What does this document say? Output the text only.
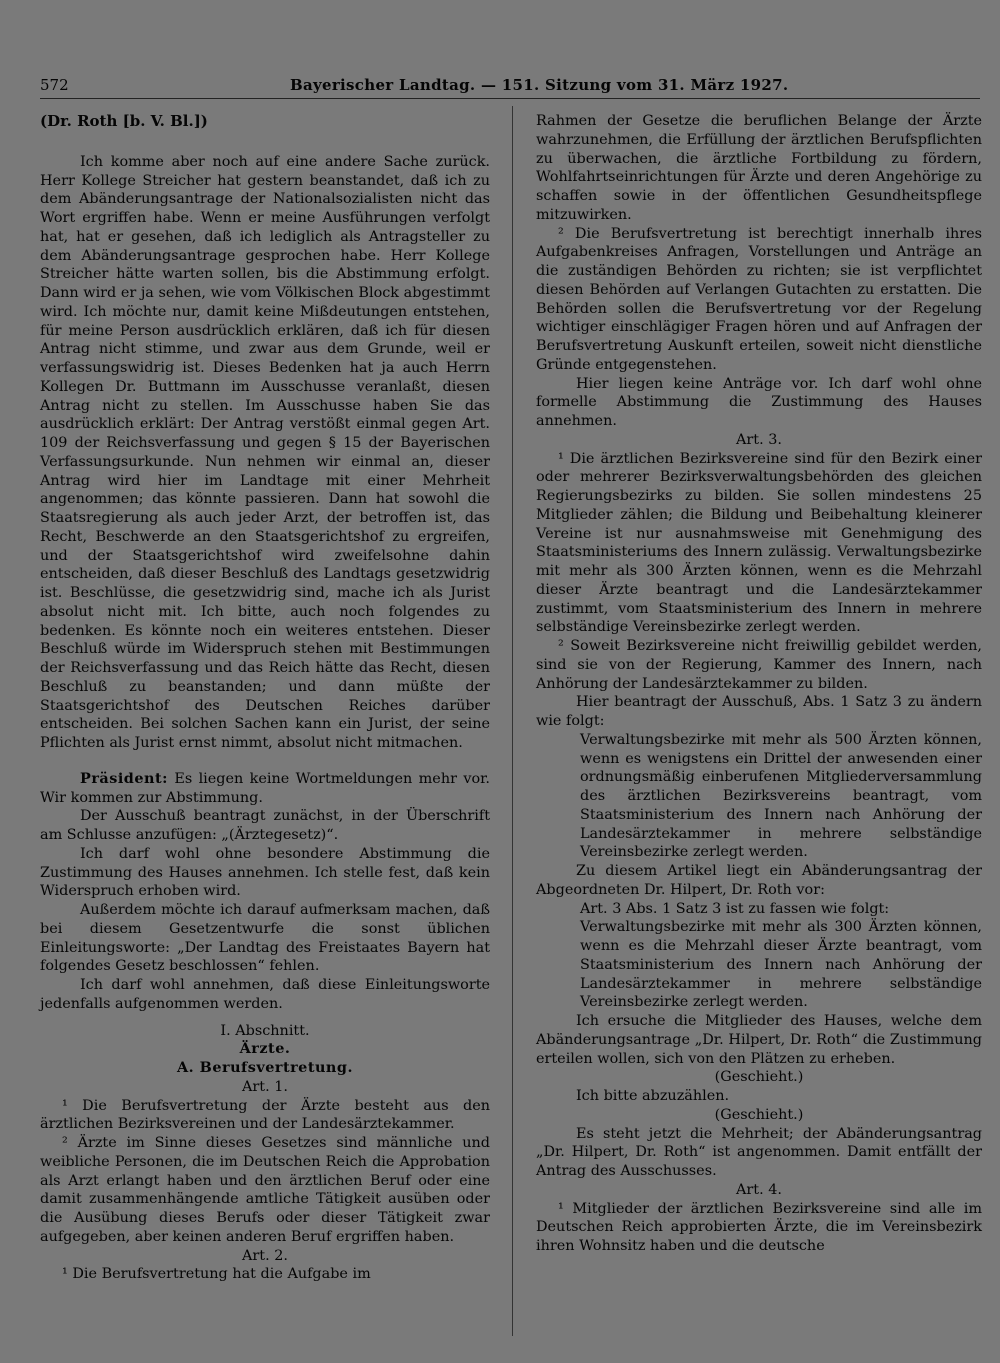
572	Bayerischer Landtag. — 151. Sitzung vom 31. März 1927.

(Dr. Roth [b. V. Bl.])

Ich komme aber noch auf eine andere Sache zurück. Herr Kollege Streicher hat gestern beanstandet, daß ich zu dem Abänderungsantrage der Nationalsozialisten nicht das Wort ergriffen habe. Wenn er meine Ausführungen verfolgt hat, hat er gesehen, daß ich lediglich als Antragsteller zu dem Abänderungsantrage gesprochen habe. Herr Kollege Streicher hätte warten sollen, bis die Abstimmung erfolgt. Dann wird er ja sehen, wie vom Völkischen Block abgestimmt wird. Ich möchte nur, damit keine Mißdeutungen entstehen, für meine Person ausdrücklich erklären, daß ich für diesen Antrag nicht stimme, und zwar aus dem Grunde, weil er verfassungswidrig ist. Dieses Bedenken hat ja auch Herrn Kollegen Dr. Buttmann im Ausschusse veranlaßt, diesen Antrag nicht zu stellen. Im Ausschusse haben Sie das ausdrücklich erklärt: Der Antrag verstößt einmal gegen Art. 109 der Reichsverfassung und gegen § 15 der Bayerischen Verfassungsurkunde. Nun nehmen wir einmal an, dieser Antrag wird hier im Landtage mit einer Mehrheit angenommen; das könnte passieren. Dann hat sowohl die Staatsregierung als auch jeder Arzt, der betroffen ist, das Recht, Beschwerde an den Staatsgerichtshof zu ergreifen, und der Staatsgerichtshof wird zweifelsohne dahin entscheiden, daß dieser Beschluß des Landtags gesetzwidrig ist. Beschlüsse, die gesetzwidrig sind, mache ich als Jurist absolut nicht mit. Ich bitte, auch noch folgendes zu bedenken. Es könnte noch ein weiteres entstehen. Dieser Beschluß würde im Widerspruch stehen mit Bestimmungen der Reichsverfassung und das Reich hätte das Recht, diesen Beschluß zu beanstanden; und dann müßte der Staatsgerichtshof des Deutschen Reiches darüber entscheiden. Bei solchen Sachen kann ein Jurist, der seine Pflichten als Jurist ernst nimmt, absolut nicht mitmachen.

Präsident: Es liegen keine Wortmeldungen mehr vor. Wir kommen zur Abstimmung.

Der Ausschuß beantragt zunächst, in der Überschrift am Schlusse anzufügen: „(Ärztegesetz)“.

Ich darf wohl ohne besondere Abstimmung die Zustimmung des Hauses annehmen. Ich stelle fest, daß kein Widerspruch erhoben wird.

Außerdem möchte ich darauf aufmerksam machen, daß bei diesem Gesetzentwurfe die sonst üblichen Einleitungsworte: „Der Landtag des Freistaates Bayern hat folgendes Gesetz beschlossen“ fehlen.

Ich darf wohl annehmen, daß diese Einleitungsworte jedenfalls aufgenommen werden.

I. Abschnitt.

Ärzte.

A. Berufsvertretung.

Art. 1.

¹ Die Berufsvertretung der Ärzte besteht aus den ärztlichen Bezirksvereinen und der Landesärztekammer.

² Ärzte im Sinne dieses Gesetzes sind männliche und weibliche Personen, die im Deutschen Reich die Approbation als Arzt erlangt haben und den ärztlichen Beruf oder eine damit zusammenhängende amtliche Tätigkeit ausüben oder die Ausübung dieses Berufs oder dieser Tätigkeit zwar aufgegeben, aber keinen anderen Beruf ergriffen haben.

Art. 2.

¹ Die Berufsvertretung hat die Aufgabe im

Rahmen der Gesetze die beruflichen Belange der Ärzte wahrzunehmen, die Erfüllung der ärztlichen Berufspflichten zu überwachen, die ärztliche Fortbildung zu fördern, Wohlfahrtseinrichtungen für Ärzte und deren Angehörige zu schaffen sowie in der öffentlichen Gesundheitspflege mitzuwirken.

² Die Berufsvertretung ist berechtigt innerhalb ihres Aufgabenkreises Anfragen, Vorstellungen und Anträge an die zuständigen Behörden zu richten; sie ist verpflichtet diesen Behörden auf Verlangen Gutachten zu erstatten. Die Behörden sollen die Berufsvertretung vor der Regelung wichtiger einschlägiger Fragen hören und auf Anfragen der Berufsvertretung Auskunft erteilen, soweit nicht dienstliche Gründe entgegenstehen.

Hier liegen keine Anträge vor. Ich darf wohl ohne formelle Abstimmung die Zustimmung des Hauses annehmen.

Art. 3.

¹ Die ärztlichen Bezirksvereine sind für den Bezirk einer oder mehrerer Bezirksverwaltungsbehörden des gleichen Regierungsbezirks zu bilden. Sie sollen mindestens 25 Mitglieder zählen; die Bildung und Beibehaltung kleinerer Vereine ist nur ausnahmsweise mit Genehmigung des Staatsministeriums des Innern zulässig. Verwaltungsbezirke mit mehr als 300 Ärzten können, wenn es die Mehrzahl dieser Ärzte beantragt und die Landesärztekammer zustimmt, vom Staatsministerium des Innern in mehrere selbständige Vereinsbezirke zerlegt werden.

² Soweit Bezirksvereine nicht freiwillig gebildet werden, sind sie von der Regierung, Kammer des Innern, nach Anhörung der Landesärztekammer zu bilden.

Hier beantragt der Ausschuß, Abs. 1 Satz 3 zu ändern wie folgt:

Verwaltungsbezirke mit mehr als 500 Ärzten können, wenn es wenigstens ein Drittel der anwesenden einer ordnungsmäßig einberufenen Mitgliederversammlung des ärztlichen Bezirksvereins beantragt, vom Staatsministerium des Innern nach Anhörung der Landesärztekammer in mehrere selbständige Vereinsbezirke zerlegt werden.

Zu diesem Artikel liegt ein Abänderungsantrag der Abgeordneten Dr. Hilpert, Dr. Roth vor:

Art. 3 Abs. 1 Satz 3 ist zu fassen wie folgt:

Verwaltungsbezirke mit mehr als 300 Ärzten können, wenn es die Mehrzahl dieser Ärzte beantragt, vom Staatsministerium des Innern nach Anhörung der Landesärztekammer in mehrere selbständige Vereinsbezirke zerlegt werden.

Ich ersuche die Mitglieder des Hauses, welche dem Abänderungsantrage „Dr. Hilpert, Dr. Roth“ die Zustimmung erteilen wollen, sich von den Plätzen zu erheben.

(Geschieht.)

Ich bitte abzuzählen.

(Geschieht.)

Es steht jetzt die Mehrheit; der Abänderungsantrag „Dr. Hilpert, Dr. Roth“ ist angenommen. Damit entfällt der Antrag des Ausschusses.

Art. 4.

¹ Mitglieder der ärztlichen Bezirksvereine sind alle im Deutschen Reich approbierten Ärzte, die im Vereinsbezirk ihren Wohnsitz haben und die deutsche
